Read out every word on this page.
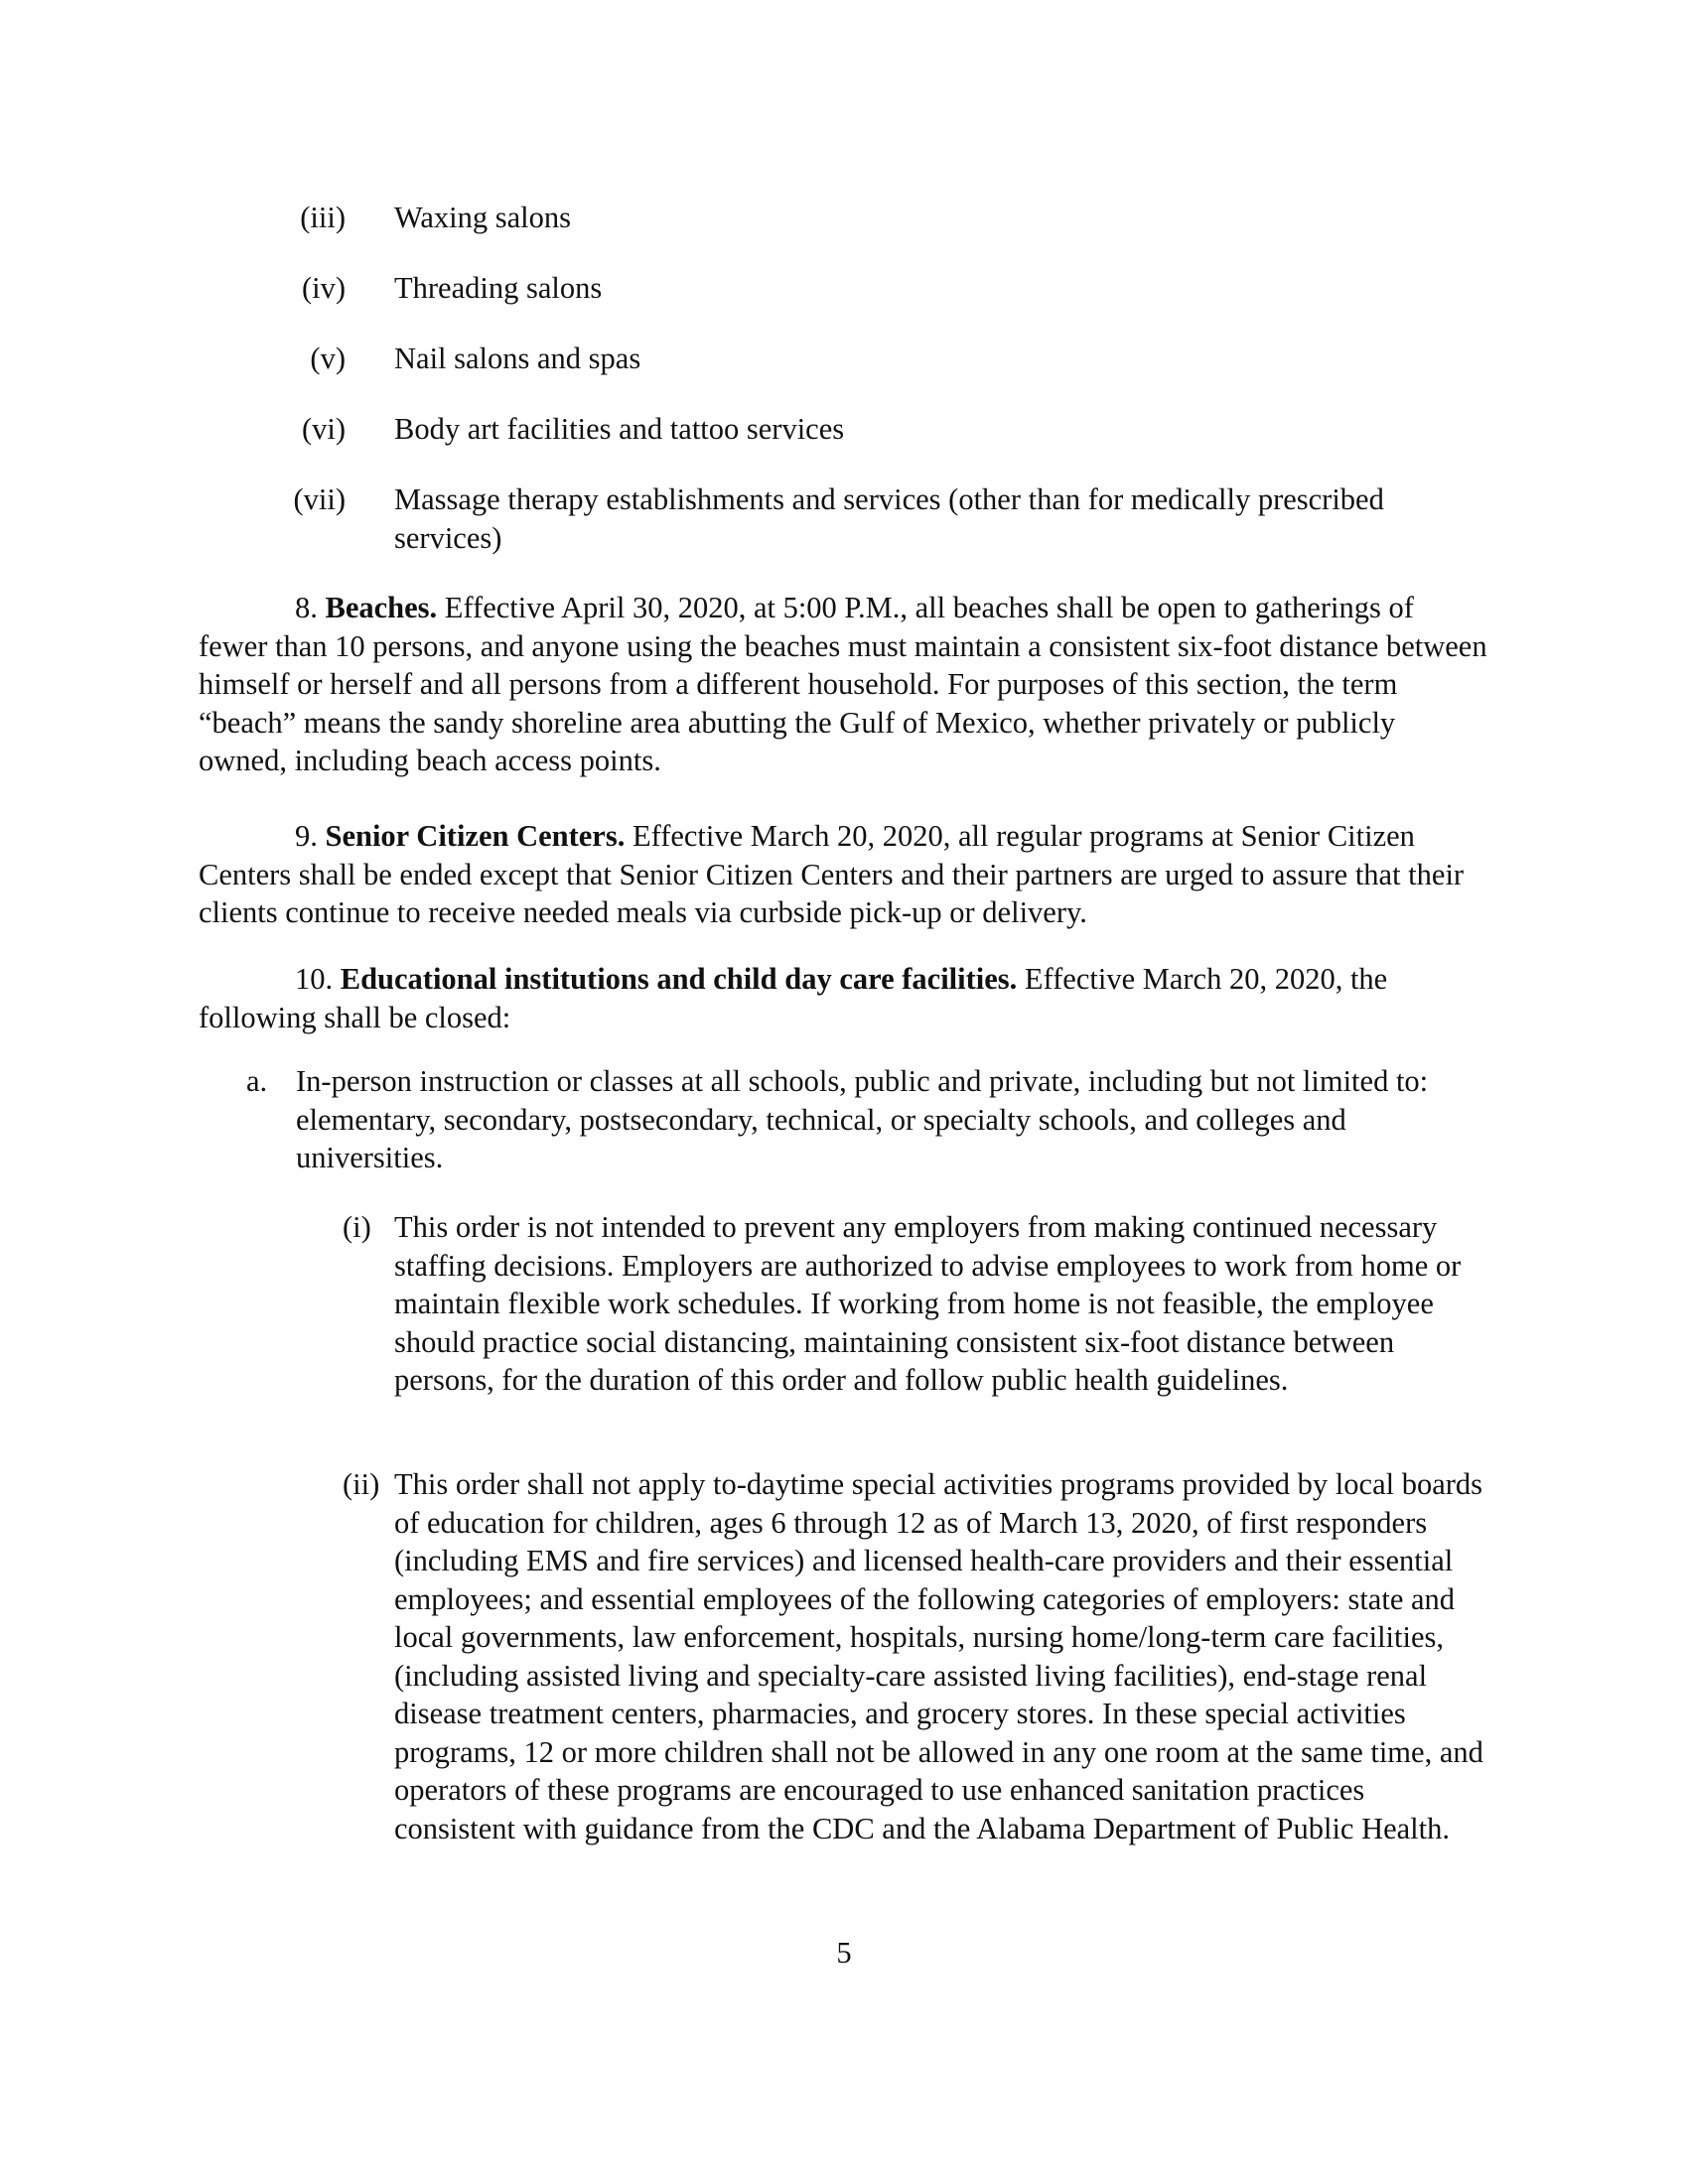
(iii) Waxing salons
(iv) Threading salons
(v) Nail salons and spas
(vi) Body art facilities and tattoo services
(vii) Massage therapy establishments and services (other than for medically prescribed services)

8. Beaches. Effective April 30, 2020, at 5:00 P.M., all beaches shall be open to gatherings of fewer than 10 persons, and anyone using the beaches must maintain a consistent six-foot distance between himself or herself and all persons from a different household. For purposes of this section, the term “beach” means the sandy shoreline area abutting the Gulf of Mexico, whether privately or publicly owned, including beach access points.

9. Senior Citizen Centers. Effective March 20, 2020, all regular programs at Senior Citizen Centers shall be ended except that Senior Citizen Centers and their partners are urged to assure that their clients continue to receive needed meals via curbside pick-up or delivery.

10. Educational institutions and child day care facilities. Effective March 20, 2020, the following shall be closed:

a. In-person instruction or classes at all schools, public and private, including but not limited to: elementary, secondary, postsecondary, technical, or specialty schools, and colleges and universities.
(i) This order is not intended to prevent any employers from making continued necessary staffing decisions. Employers are authorized to advise employees to work from home or maintain flexible work schedules. If working from home is not feasible, the employee should practice social distancing, maintaining consistent six-foot distance between persons, for the duration of this order and follow public health guidelines.
(ii) This order shall not apply to-daytime special activities programs provided by local boards of education for children, ages 6 through 12 as of March 13, 2020, of first responders (including EMS and fire services) and licensed health-care providers and their essential employees; and essential employees of the following categories of employers: state and local governments, law enforcement, hospitals, nursing home/long-term care facilities, (including assisted living and specialty-care assisted living facilities), end-stage renal disease treatment centers, pharmacies, and grocery stores. In these special activities programs, 12 or more children shall not be allowed in any one room at the same time, and operators of these programs are encouraged to use enhanced sanitation practices consistent with guidance from the CDC and the Alabama Department of Public Health.
5
